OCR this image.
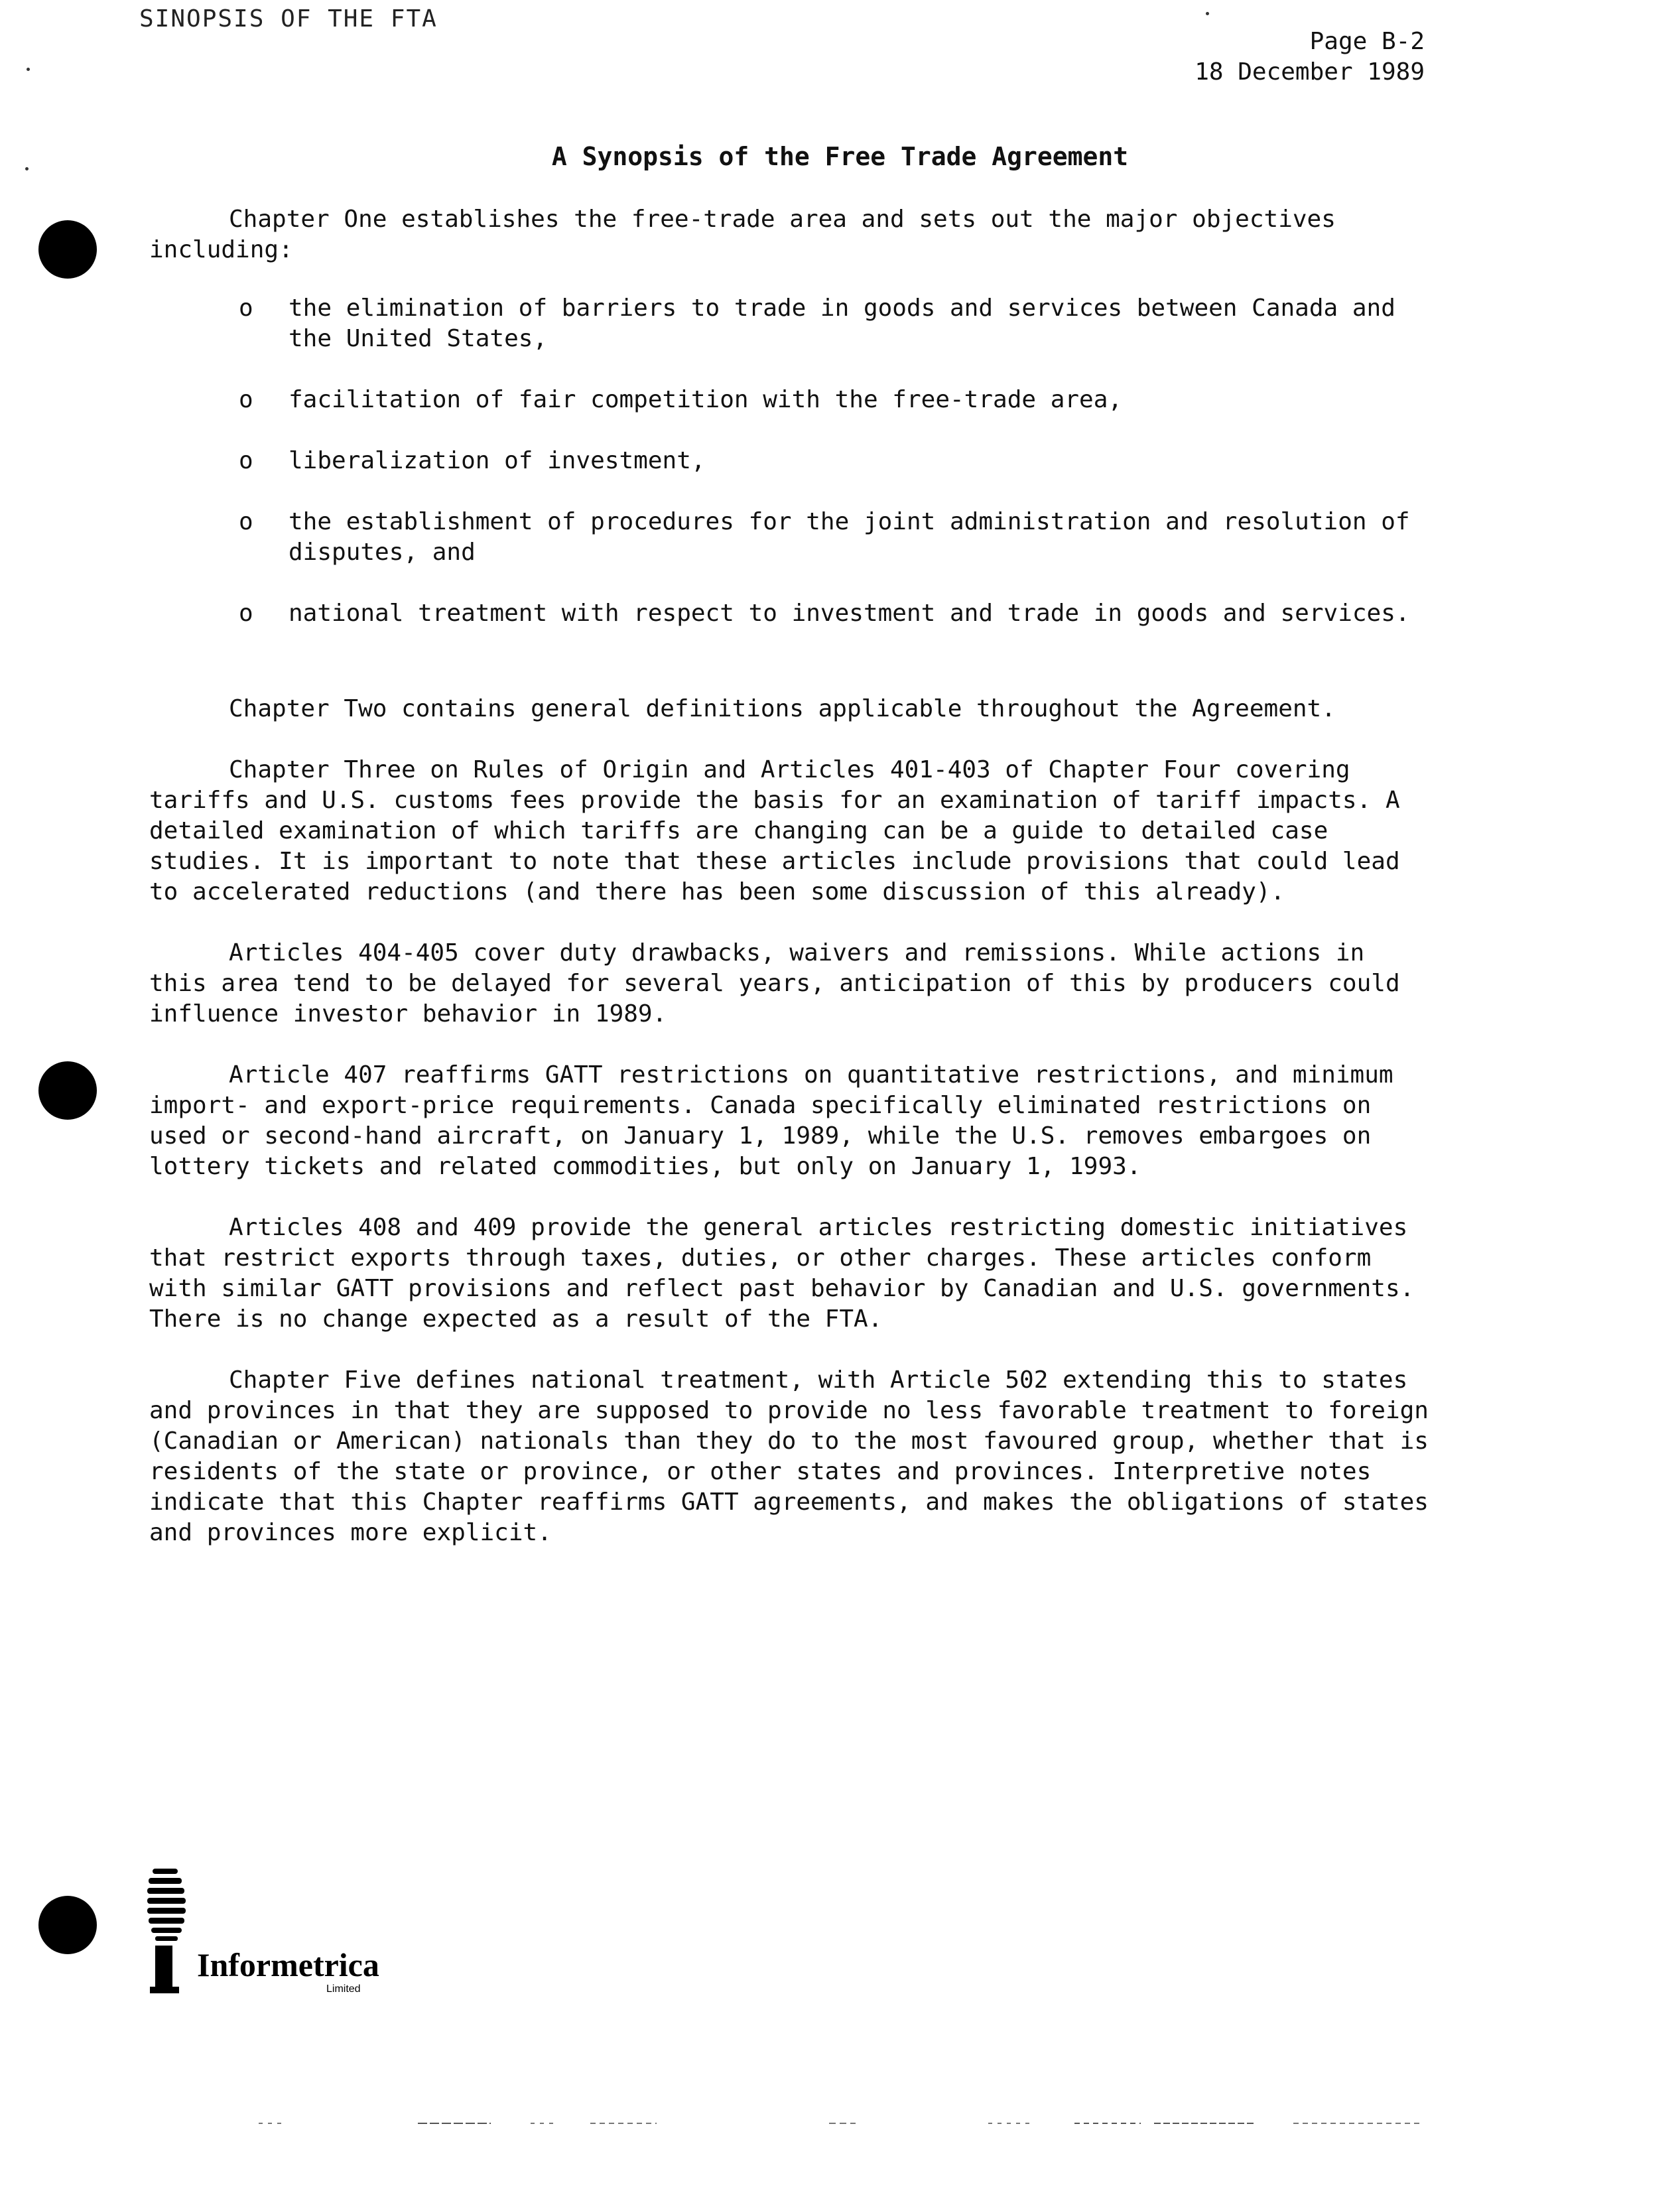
SINOPSIS OF THE FTA
Page B-2
18 December 1989
A Synopsis of the Free Trade Agreement

Chapter One establishes the free-trade area and sets out the major objectives including:

o the elimination of barriers to trade in goods and services between Canada and the United States,
o facilitation of fair competition with the free-trade area,
o liberalization of investment,
o the establishment of procedures for the joint administration and resolution of disputes, and
o national treatment with respect to investment and trade in goods and services.

Chapter Two contains general definitions applicable throughout the Agreement.

Chapter Three on Rules of Origin and Articles 401-403 of Chapter Four covering tariffs and U.S. customs fees provide the basis for an examination of tariff impacts. A detailed examination of which tariffs are changing can be a guide to detailed case studies. It is important to note that these articles include provisions that could lead to accelerated reductions (and there has been some discussion of this already).

Articles 404-405 cover duty drawbacks, waivers and remissions. While actions in this area tend to be delayed for several years, anticipation of this by producers could influence investor behavior in 1989.

Article 407 reaffirms GATT restrictions on quantitative restrictions, and minimum import- and export-price requirements. Canada specifically eliminated restrictions on used or second-hand aircraft, on January 1, 1989, while the U.S. removes embargoes on lottery tickets and related commodities, but only on January 1, 1993.

Articles 408 and 409 provide the general articles restricting domestic initiatives that restrict exports through taxes, duties, or other charges. These articles conform with similar GATT provisions and reflect past behavior by Canadian and U.S. governments. There is no change expected as a result of the FTA.

Chapter Five defines national treatment, with Article 502 extending this to states and provinces in that they are supposed to provide no less favorable treatment to foreign (Canadian or American) nationals than they do to the most favoured group, whether that is residents of the state or province, or other states and provinces. Interpretive notes indicate that this Chapter reaffirms GATT agreements, and makes the obligations of states and provinces more explicit.

Informetrica
Limited
